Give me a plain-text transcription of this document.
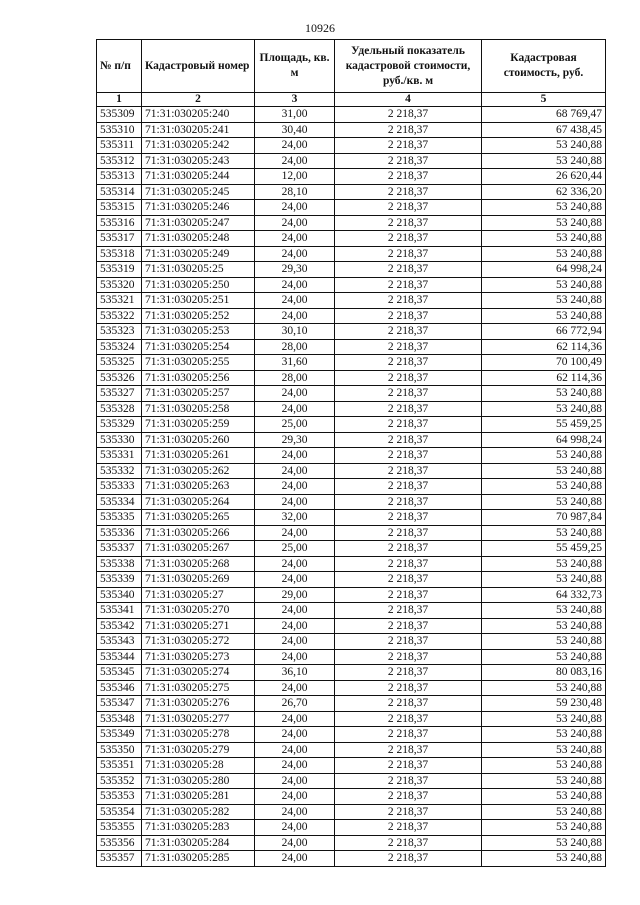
10926
№ п/п	Кадастровый номер	Площадь, кв. м	Удельный показатель кадастровой стоимости, руб./кв. м	Кадастровая стоимость, руб.
1	2	3	4	5
535309	71:31:030205:240	31,00	2 218,37	68 769,47
535310	71:31:030205:241	30,40	2 218,37	67 438,45
535311	71:31:030205:242	24,00	2 218,37	53 240,88
535312	71:31:030205:243	24,00	2 218,37	53 240,88
535313	71:31:030205:244	12,00	2 218,37	26 620,44
535314	71:31:030205:245	28,10	2 218,37	62 336,20
535315	71:31:030205:246	24,00	2 218,37	53 240,88
535316	71:31:030205:247	24,00	2 218,37	53 240,88
535317	71:31:030205:248	24,00	2 218,37	53 240,88
535318	71:31:030205:249	24,00	2 218,37	53 240,88
535319	71:31:030205:25	29,30	2 218,37	64 998,24
535320	71:31:030205:250	24,00	2 218,37	53 240,88
535321	71:31:030205:251	24,00	2 218,37	53 240,88
535322	71:31:030205:252	24,00	2 218,37	53 240,88
535323	71:31:030205:253	30,10	2 218,37	66 772,94
535324	71:31:030205:254	28,00	2 218,37	62 114,36
535325	71:31:030205:255	31,60	2 218,37	70 100,49
535326	71:31:030205:256	28,00	2 218,37	62 114,36
535327	71:31:030205:257	24,00	2 218,37	53 240,88
535328	71:31:030205:258	24,00	2 218,37	53 240,88
535329	71:31:030205:259	25,00	2 218,37	55 459,25
535330	71:31:030205:260	29,30	2 218,37	64 998,24
535331	71:31:030205:261	24,00	2 218,37	53 240,88
535332	71:31:030205:262	24,00	2 218,37	53 240,88
535333	71:31:030205:263	24,00	2 218,37	53 240,88
535334	71:31:030205:264	24,00	2 218,37	53 240,88
535335	71:31:030205:265	32,00	2 218,37	70 987,84
535336	71:31:030205:266	24,00	2 218,37	53 240,88
535337	71:31:030205:267	25,00	2 218,37	55 459,25
535338	71:31:030205:268	24,00	2 218,37	53 240,88
535339	71:31:030205:269	24,00	2 218,37	53 240,88
535340	71:31:030205:27	29,00	2 218,37	64 332,73
535341	71:31:030205:270	24,00	2 218,37	53 240,88
535342	71:31:030205:271	24,00	2 218,37	53 240,88
535343	71:31:030205:272	24,00	2 218,37	53 240,88
535344	71:31:030205:273	24,00	2 218,37	53 240,88
535345	71:31:030205:274	36,10	2 218,37	80 083,16
535346	71:31:030205:275	24,00	2 218,37	53 240,88
535347	71:31:030205:276	26,70	2 218,37	59 230,48
535348	71:31:030205:277	24,00	2 218,37	53 240,88
535349	71:31:030205:278	24,00	2 218,37	53 240,88
535350	71:31:030205:279	24,00	2 218,37	53 240,88
535351	71:31:030205:28	24,00	2 218,37	53 240,88
535352	71:31:030205:280	24,00	2 218,37	53 240,88
535353	71:31:030205:281	24,00	2 218,37	53 240,88
535354	71:31:030205:282	24,00	2 218,37	53 240,88
535355	71:31:030205:283	24,00	2 218,37	53 240,88
535356	71:31:030205:284	24,00	2 218,37	53 240,88
535357	71:31:030205:285	24,00	2 218,37	53 240,88
